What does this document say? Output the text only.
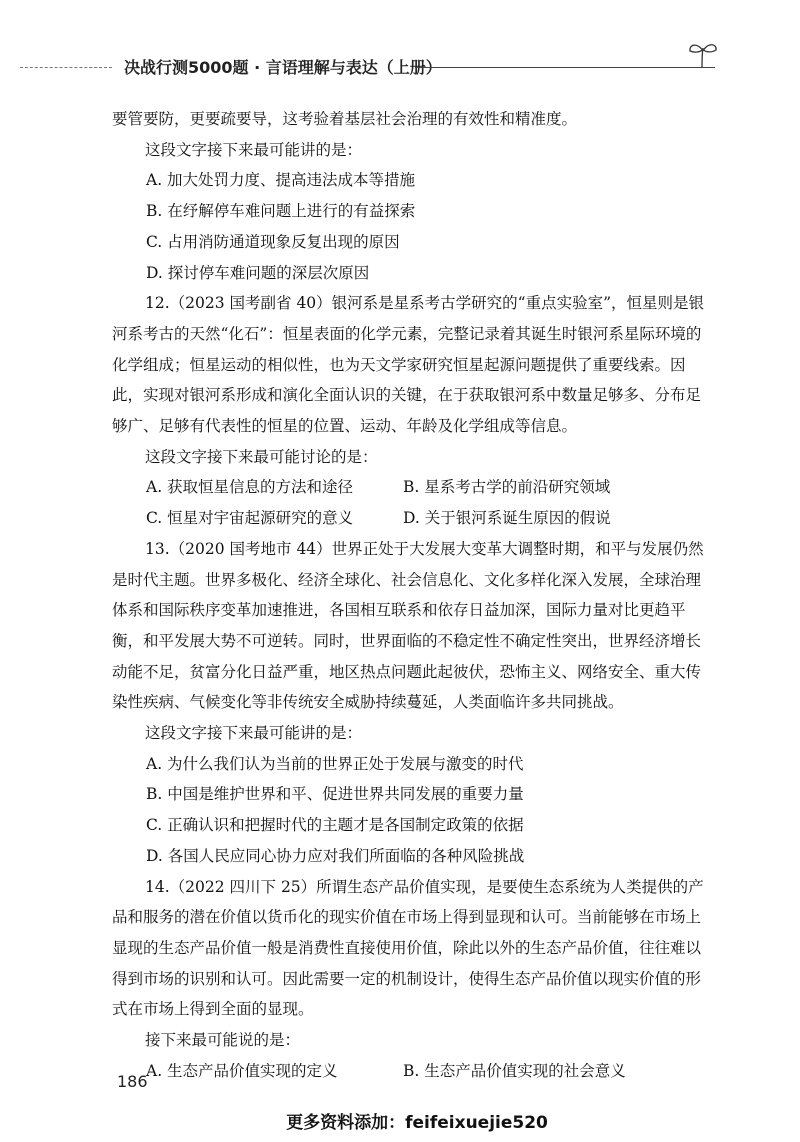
决战行测5000题 · 言语理解与表达（上册）

要管要防，更要疏要导，这考验着基层社会治理的有效性和精准度。

这段文字接下来最可能讲的是：

A. 加大处罚力度、提高违法成本等措施

B. 在纾解停车难问题上进行的有益探索

C. 占用消防通道现象反复出现的原因

D. 探讨停车难问题的深层次原因

12.（2023 国考副省 40）银河系是星系考古学研究的“重点实验室”，恒星则是银河系考古的天然“化石”：恒星表面的化学元素，完整记录着其诞生时银河系星际环境的化学组成；恒星运动的相似性，也为天文学家研究恒星起源问题提供了重要线索。因此，实现对银河系形成和演化全面认识的关键，在于获取银河系中数量足够多、分布足够广、足够有代表性的恒星的位置、运动、年龄及化学组成等信息。

这段文字接下来最可能讨论的是：

A. 获取恒星信息的方法和途径	B. 星系考古学的前沿研究领域
C. 恒星对宇宙起源研究的意义	D. 关于银河系诞生原因的假说

13.（2020 国考地市 44）世界正处于大发展大变革大调整时期，和平与发展仍然是时代主题。世界多极化、经济全球化、社会信息化、文化多样化深入发展，全球治理体系和国际秩序变革加速推进，各国相互联系和依存日益加深，国际力量对比更趋平衡，和平发展大势不可逆转。同时，世界面临的不稳定性不确定性突出，世界经济增长动能不足，贫富分化日益严重，地区热点问题此起彼伏，恐怖主义、网络安全、重大传染性疾病、气候变化等非传统安全威胁持续蔓延，人类面临许多共同挑战。

这段文字接下来最可能讲的是：

A. 为什么我们认为当前的世界正处于发展与激变的时代

B. 中国是维护世界和平、促进世界共同发展的重要力量

C. 正确认识和把握时代的主题才是各国制定政策的依据

D. 各国人民应同心协力应对我们所面临的各种风险挑战

14.（2022 四川下 25）所谓生态产品价值实现，是要使生态系统为人类提供的产品和服务的潜在价值以货币化的现实价值在市场上得到显现和认可。当前能够在市场上显现的生态产品价值一般是消费性直接使用价值，除此以外的生态产品价值，往往难以得到市场的识别和认可。因此需要一定的机制设计，使得生态产品价值以现实价值的形式在市场上得到全面的显现。

接下来最可能说的是：

A. 生态产品价值实现的定义	B. 生态产品价值实现的社会意义
186
更多资料添加：feifeixuejie520
